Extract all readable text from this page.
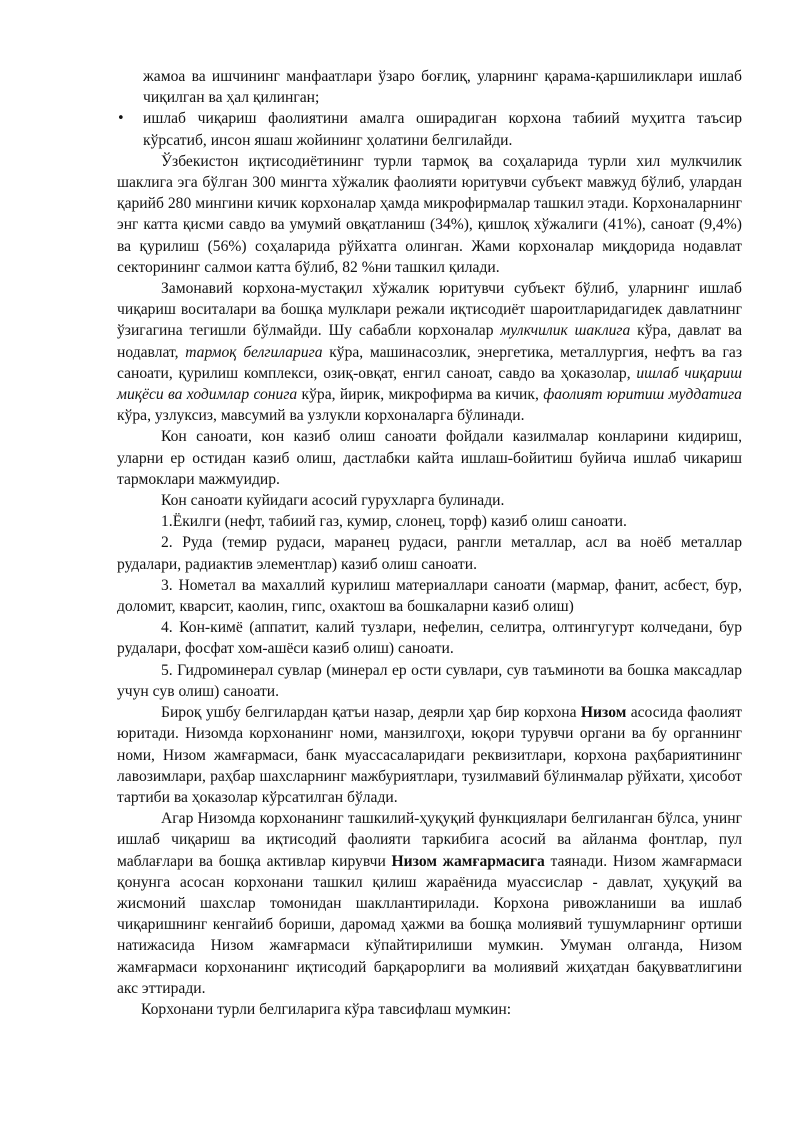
жамоа ва ишчининг манфаатлари ўзаро боғлиқ, уларнинг қарама-қаршиликлари ишлаб чиқилган ва ҳал қилинган;

•	ишлаб чиқариш фаолиятини амалга оширадиган корхона табиий муҳитга таъсир кўрсатиб, инсон яшаш жойининг ҳолатини белгилайди.

Ўзбекистон иқтисодиётининг турли тармоқ ва соҳаларида турли хил мулкчилик шаклига эга бўлган 300 мингта хўжалик фаолияти юритувчи субъект мавжуд бўлиб, улардан қарийб 280 мингини кичик корхоналар ҳамда микрофирмалар ташкил этади. Корхоналарнинг энг катта қисми савдо ва умумий овқатланиш (34%), қишлоқ хўжалиги (41%), саноат (9,4%) ва қурилиш (56%) соҳаларида рўйхатга олинган. Жами корхоналар миқдорида нодавлат секторининг салмои катта бўлиб, 82 %ни ташкил қилади.

Замонавий корхона-мустақил хўжалик юритувчи субъект бўлиб, уларнинг ишлаб чиқариш воситалари ва бошқа мулклари режали иқтисодиёт шароитларидагидек давлатнинг ўзигагина тегишли бўлмайди. Шу сабабли корхоналар мулкчилик шаклига кўра, давлат ва нодавлат, тармоқ белгиларига кўра, машинасозлик, энергетика, металлургия, нефтъ ва газ саноати, қурилиш комплекси, озиқ-овқат, енгил саноат, савдо ва ҳоказолар, ишлаб чиқариш миқёси ва ходимлар сонига кўра, йирик, микрофирма ва кичик, фаолият юритиш муддатига кўра, узлуксиз, мавсумий ва узлукли корхоналарга бўлинади.

Кон саноати, кон казиб олиш саноати фойдали казилмалар конларини кидириш, уларни ер остидан казиб олиш, дастлабки кайта ишлаш-бойитиш буйича ишлаб чикариш тармоклари мажмуидир.

Кон саноати куйидаги асосий гурухларга булинади.

1.Ёкилги (нефт, табиий газ, кумир, слонец, торф) казиб олиш саноати.

2. Руда (темир рудаси, маранец рудаси, рангли металлар, асл ва ноёб металлар рудалари, радиактив элементлар) казиб олиш саноати.

3. Нометал ва махаллий курилиш материаллари саноати (мармар, фанит, асбест, бур, доломит, кварсит, каолин, гипс, охактош ва бошкаларни казиб олиш)

4. Кон-кимё (аппатит, калий тузлари, нефелин, селитра, олтингугурт колчедани, бур рудалари, фосфат хом-ашёси казиб олиш) саноати.

5. Гидроминерал сувлар (минерал ер ости сувлари, сув таъминоти ва бошка максадлар учун сув олиш) саноати.

Бироқ ушбу белгилардан қатъи назар, деярли ҳар бир корхона Низом асосида фаолият юритади. Низомда корхонанинг номи, манзилгоҳи, юқори турувчи органи ва бу органнинг номи, Низом жамғармаси, банк муассасаларидаги реквизитлари, корхона раҳбариятининг лавозимлари, раҳбар шахсларнинг мажбуриятлари, тузилмавий бўлинмалар рўйхати, ҳисобот тартиби ва ҳоказолар кўрсатилган бўлади.

Агар Низомда корхонанинг ташкилий-ҳуқуқий функциялари белгиланган бўлса, унинг ишлаб чиқариш ва иқтисодий фаолияти таркибига асосий ва айланма фонтлар, пул маблағлари ва бошқа активлар кирувчи Низом жамғармасига таянади. Низом жамғармаси қонунга асосан корхонани ташкил қилиш жараёнида муассислар - давлат, ҳуқуқий ва жисмоний шахслар томонидан шакллантирилади. Корхона ривожланиши ва ишлаб чиқаришнинг кенгайиб бориши, даромад ҳажми ва бошқа молиявий тушумларнинг ортиши натижасида Низом жамғармаси кўпайтирилиши мумкин. Умуман олганда, Низом жамғармаси корхонанинг иқтисодий барқарорлиги ва молиявий жиҳатдан бақувватлигини акс эттиради.

Корхонани турли белгиларига кўра тавсифлаш мумкин:
